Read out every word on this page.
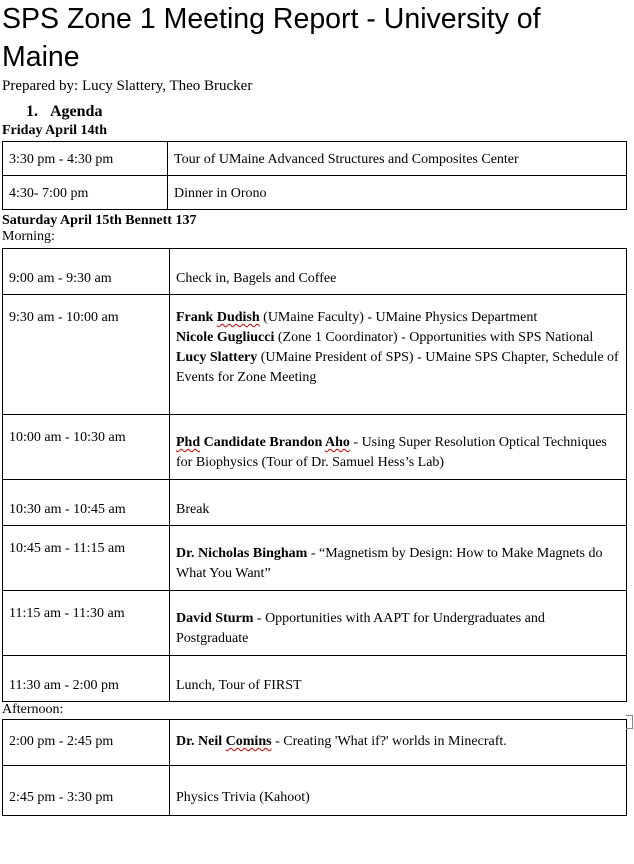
SPS Zone 1 Meeting Report - University of Maine
Prepared by: Lucy Slattery, Theo Brucker
1. Agenda
Friday April 14th
3:30 pm - 4:30 pm	Tour of UMaine Advanced Structures and Composites Center
4:30- 7:00 pm	Dinner in Orono
Saturday April 15th Bennett 137
Morning:
9:00 am - 9:30 am	Check in, Bagels and Coffee
9:30 am - 10:00 am	Frank Dudish (UMaine Faculty) - UMaine Physics Department
Nicole Gugliucci (Zone 1 Coordinator) - Opportunities with SPS National
Lucy Slattery (UMaine President of SPS) - UMaine SPS Chapter, Schedule of Events for Zone Meeting

10:00 am - 10:30 am	Phd Candidate Brandon Aho - Using Super Resolution Optical Techniques for Biophysics (Tour of Dr. Samuel Hess’s Lab)
10:30 am - 10:45 am	Break
10:45 am - 11:15 am	Dr. Nicholas Bingham - “Magnetism by Design: How to Make Magnets do What You Want”
11:15 am - 11:30 am	David Sturm - Opportunities with AAPT for Undergraduates and Postgraduate
11:30 am - 2:00 pm	Lunch, Tour of FIRST
Afternoon:
2:00 pm - 2:45 pm	Dr. Neil Comins - Creating 'What if?' worlds in Minecraft.
2:45 pm - 3:30 pm	Physics Trivia (Kahoot)
